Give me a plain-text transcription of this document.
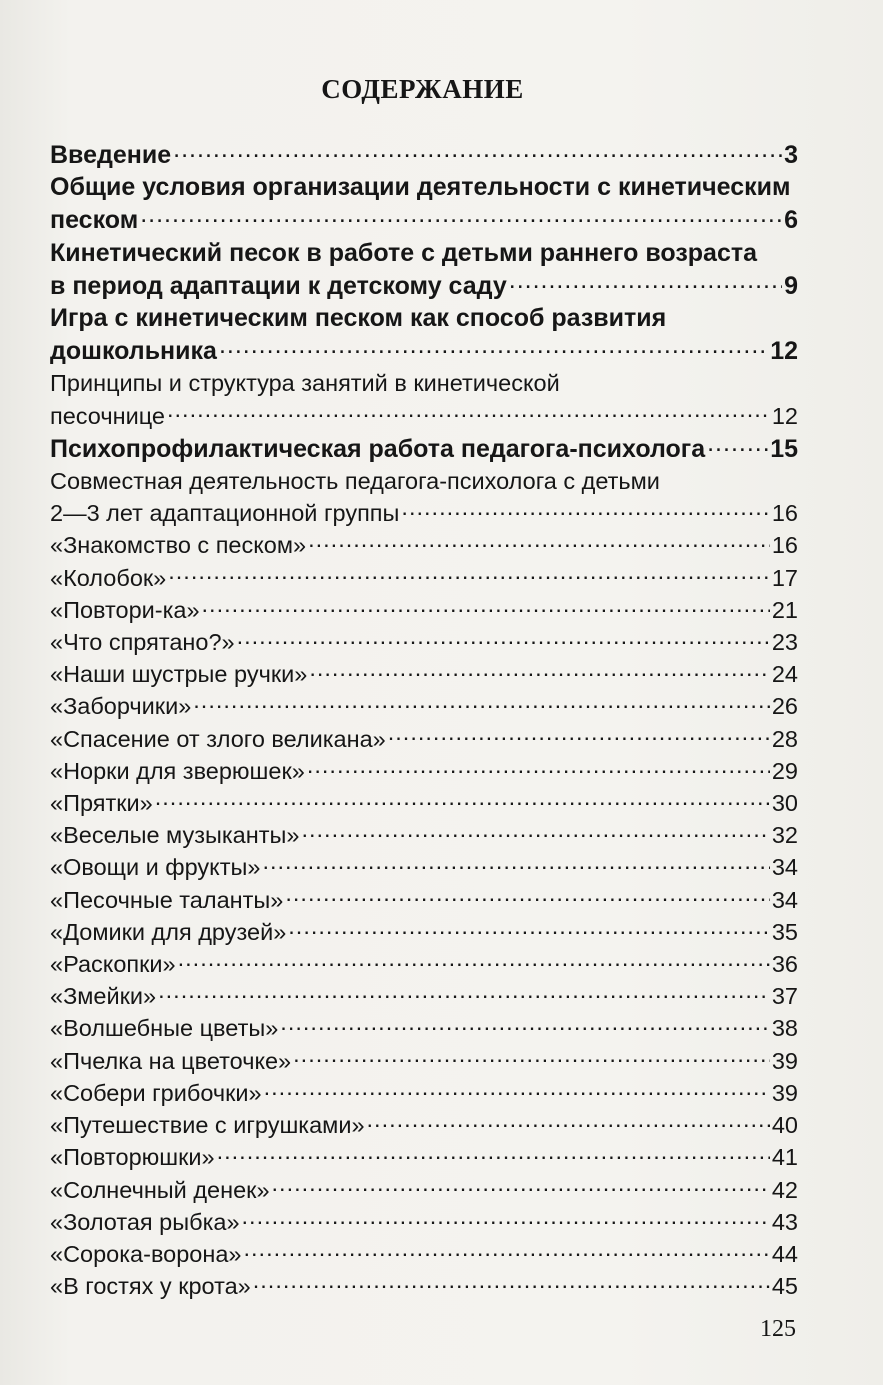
СОДЕРЖАНИЕ
Введение .....	3
Общие условия организации деятельности с кинетическим
песком .....	6
Кинетический песок в работе с детьми раннего возраста
в период адаптации к детскому саду .....	9
Игра с кинетическим песком как способ развития
дошкольника .....	12
Принципы и структура занятий в кинетической
песочнице .....	12
Психопрофилактическая работа педагога-психолога .....	15
Совместная деятельность педагога-психолога с детьми
2—3 лет адаптационной группы .....	16
«Знакомство с песком» .....	16
«Колобок» .....	17
«Повтори-ка» .....	21
«Что спрятано?» .....	23
«Наши шустрые ручки» .....	24
«Заборчики» .....	26
«Спасение от злого великана» .....	28
«Норки для зверюшек» .....	29
«Прятки» .....	30
«Веселые музыканты» .....	32
«Овощи и фрукты» .....	34
«Песочные таланты» .....	34
«Домики для друзей» .....	35
«Раскопки» .....	36
«Змейки» .....	37
«Волшебные цветы» .....	38
«Пчелка на цветочке» .....	39
«Собери грибочки» .....	39
«Путешествие с игрушками» .....	40
«Повторюшки» .....	41
«Солнечный денек» .....	42
«Золотая рыбка» .....	43
«Сорока-ворона» .....	44
«В гостях у крота» .....	45
125
